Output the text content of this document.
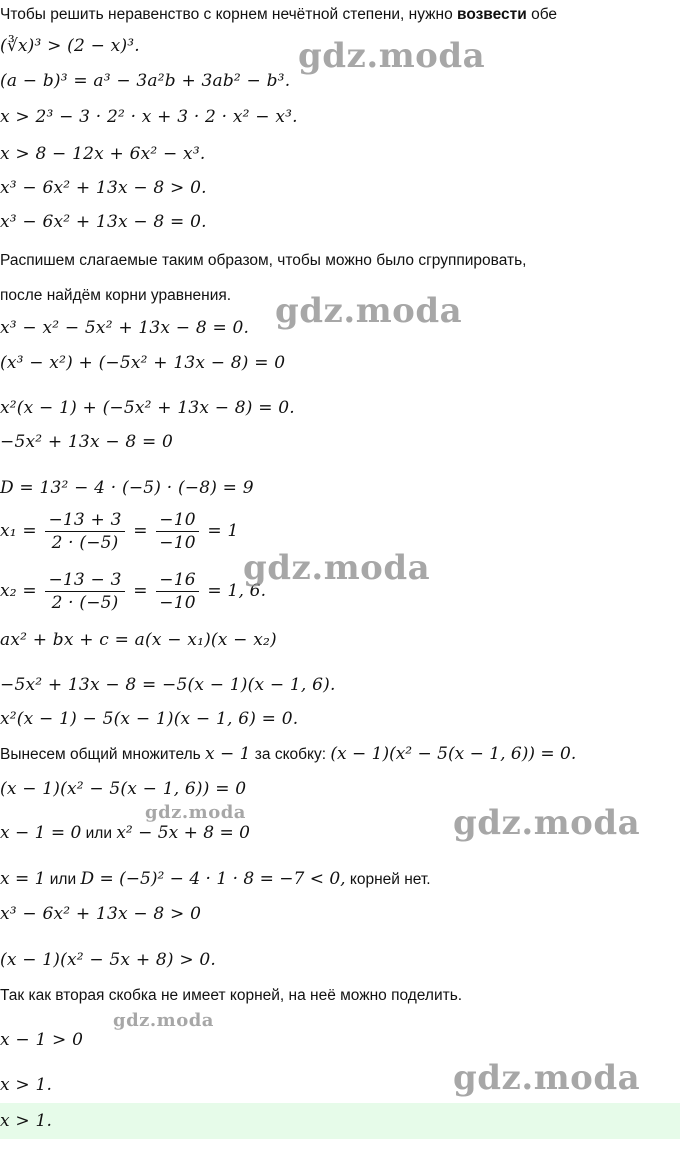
Чтобы решить неравенство с корнем нечётной степени, нужно возвести обе
(∛x)³ > (2 − x)³.
(a − b)³ = a³ − 3a²b + 3ab² − b³.
x > 2³ − 3 · 2² · x + 3 · 2 · x² − x³.
x > 8 − 12x + 6x² − x³.
x³ − 6x² + 13x − 8 > 0.
x³ − 6x² + 13x − 8 = 0.
Распишем слагаемые таким образом, чтобы можно было сгруппировать,
после найдём корни уравнения.
x³ − x² − 5x² + 13x − 8 = 0.
(x³ − x²) + (−5x² + 13x − 8) = 0
x²(x − 1) + (−5x² + 13x − 8) = 0.
−5x² + 13x − 8 = 0
D = 13² − 4 · (−5) · (−8) = 9
$x_1 = \frac{-13 + 3}{2 \cdot (-5)} = \frac{-10}{-10} = 1$
$x_2 = \frac{-13 - 3}{2 \cdot (-5)} = \frac{-16}{-10} = 1$, 6.
ax² + bx + c = a(x − x₁)(x − x₂)
−5x² + 13x − 8 = −5(x − 1)(x − 1, 6).
x²(x − 1) − 5(x − 1)(x − 1, 6) = 0.
Вынесем общий множитель x − 1 за скобку: (x − 1)(x² − 5(x − 1, 6)) = 0.
(x − 1)(x² − 5(x − 1, 6)) = 0
x − 1 = 0 или x² − 5x + 8 = 0
x = 1 или D = (−5)² − 4 · 1 · 8 = −7 < 0, корней нет.
x³ − 6x² + 13x − 8 > 0
(x − 1)(x² − 5x + 8) > 0.
Так как вторая скобка не имеет корней, на неё можно поделить.
x − 1 > 0
x > 1.
x > 1.
gdz.moda
gdz.moda
gdz.moda
gdz.moda	gdz.moda
gdz.moda
gdz.moda
